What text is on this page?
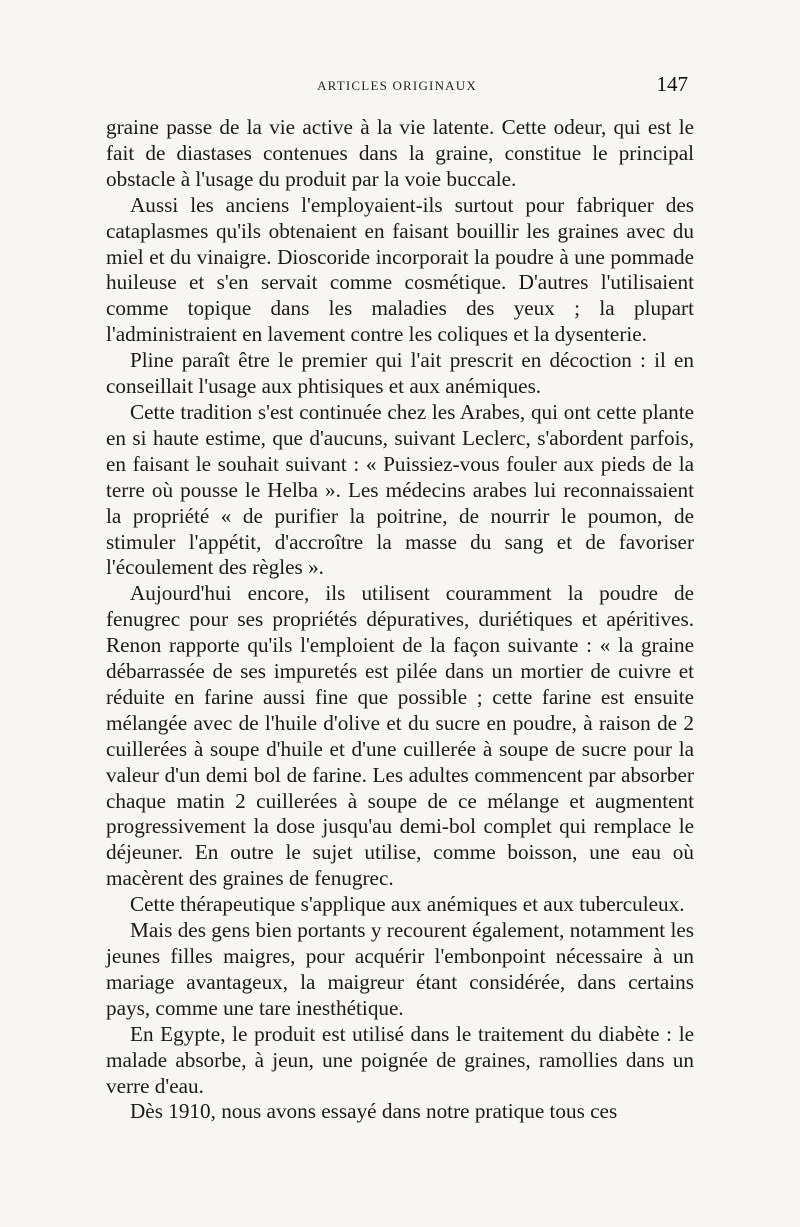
ARTICLES ORIGINAUX	147

graine passe de la vie active à la vie latente. Cette odeur, qui est le fait de diastases contenues dans la graine, constitue le principal obstacle à l'usage du produit par la voie buccale.

Aussi les anciens l'employaient-ils surtout pour fabriquer des cataplasmes qu'ils obtenaient en faisant bouillir les graines avec du miel et du vinaigre. Dioscoride incorporait la poudre à une pommade huileuse et s'en servait comme cosmétique. D'autres l'utilisaient comme topique dans les maladies des yeux ; la plupart l'administraient en lavement contre les coliques et la dysenterie.

Pline paraît être le premier qui l'ait prescrit en décoction : il en conseillait l'usage aux phtisiques et aux anémiques.

Cette tradition s'est continuée chez les Arabes, qui ont cette plante en si haute estime, que d'aucuns, suivant Leclerc, s'abordent parfois, en faisant le souhait suivant : « Puissiez-vous fouler aux pieds de la terre où pousse le Helba ». Les médecins arabes lui reconnaissaient la propriété « de purifier la poitrine, de nourrir le poumon, de stimuler l'appétit, d'accroître la masse du sang et de favoriser l'écoulement des règles ».

Aujourd'hui encore, ils utilisent couramment la poudre de fenugrec pour ses propriétés dépuratives, duriétiques et apéritives. Renon rapporte qu'ils l'emploient de la façon suivante : « la graine débarrassée de ses impuretés est pilée dans un mortier de cuivre et réduite en farine aussi fine que possible ; cette farine est ensuite mélangée avec de l'huile d'olive et du sucre en poudre, à raison de 2 cuillerées à soupe d'huile et d'une cuillerée à soupe de sucre pour la valeur d'un demi bol de farine. Les adultes commencent par absorber chaque matin 2 cuillerées à soupe de ce mélange et augmentent progressivement la dose jusqu'au demi-bol complet qui remplace le déjeuner. En outre le sujet utilise, comme boisson, une eau où macèrent des graines de fenugrec.

Cette thérapeutique s'applique aux anémiques et aux tuberculeux.

Mais des gens bien portants y recourent également, notamment les jeunes filles maigres, pour acquérir l'embonpoint nécessaire à un mariage avantageux, la maigreur étant considérée, dans certains pays, comme une tare inesthétique.

En Egypte, le produit est utilisé dans le traitement du diabète : le malade absorbe, à jeun, une poignée de graines, ramollies dans un verre d'eau.

Dès 1910, nous avons essayé dans notre pratique tous ces
